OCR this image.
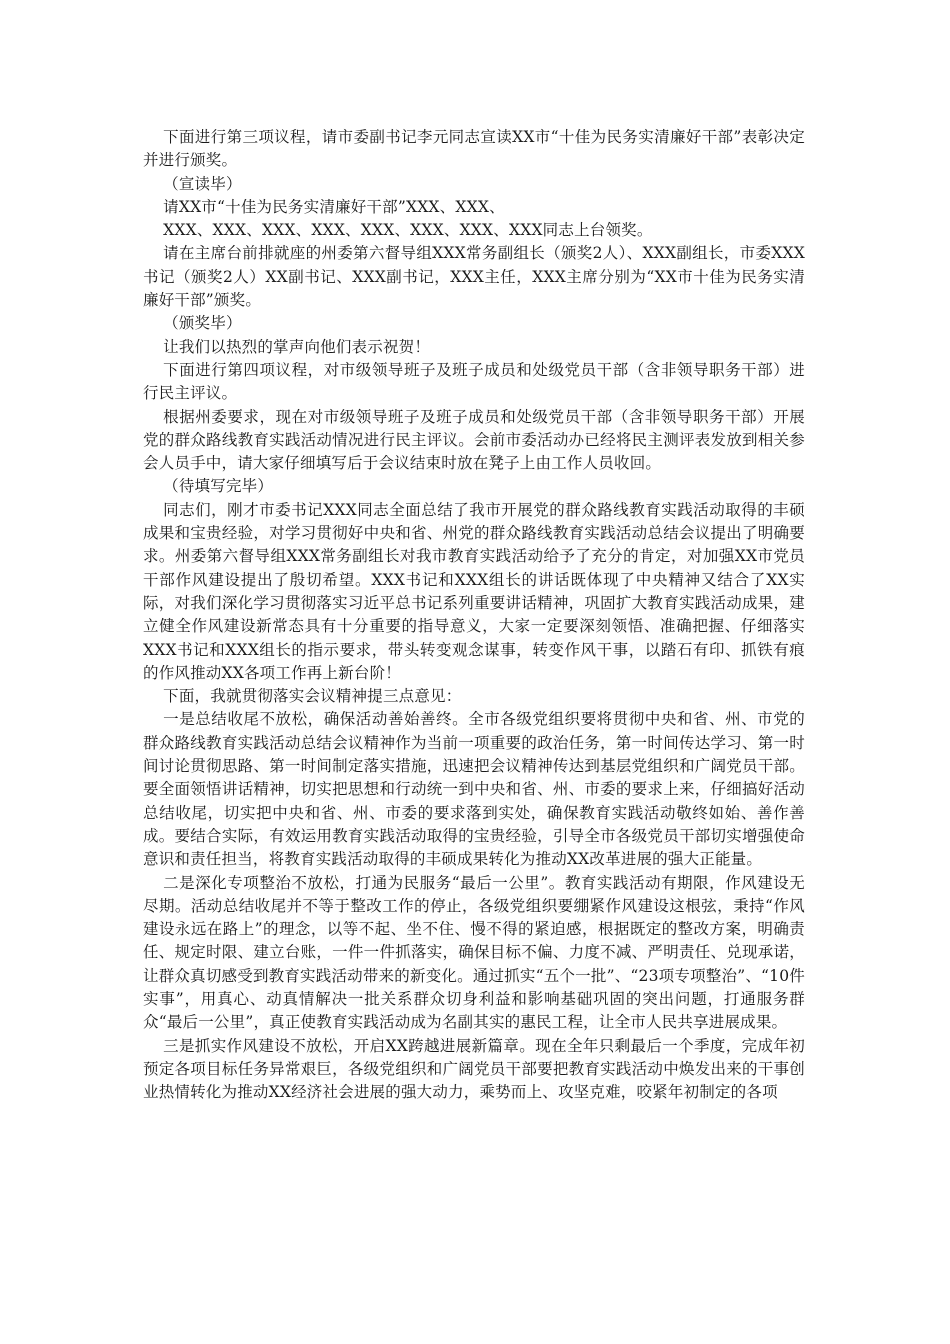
下面进行第三项议程，请市委副书记李元同志宣读XX市“十佳为民务实清廉好干部”表彰决定并进行颁奖。

（宣读毕）

请XX市“十佳为民务实清廉好干部”XXX、XXX、

XXX、XXX、XXX、XXX、XXX、XXX、XXX、XXX同志上台领奖。

请在主席台前排就座的州委第六督导组XXX常务副组长（颁奖2人）、XXX副组长，市委XXX书记（颁奖2人）XX副书记、XXX副书记，XXX主任，XXX主席分别为“XX市十佳为民务实清廉好干部”颁奖。

（颁奖毕）

让我们以热烈的掌声向他们表示祝贺！

下面进行第四项议程，对市级领导班子及班子成员和处级党员干部（含非领导职务干部）进行民主评议。

根据州委要求，现在对市级领导班子及班子成员和处级党员干部（含非领导职务干部）开展党的群众路线教育实践活动情况进行民主评议。会前市委活动办已经将民主测评表发放到相关参会人员手中，请大家仔细填写后于会议结束时放在凳子上由工作人员收回。

（待填写完毕）

同志们，刚才市委书记XXX同志全面总结了我市开展党的群众路线教育实践活动取得的丰硕成果和宝贵经验，对学习贯彻好中央和省、州党的群众路线教育实践活动总结会议提出了明确要求。州委第六督导组XXX常务副组长对我市教育实践活动给予了充分的肯定，对加强XX市党员干部作风建设提出了殷切希望。XXX书记和XXX组长的讲话既体现了中央精神又结合了XX实际，对我们深化学习贯彻落实习近平总书记系列重要讲话精神，巩固扩大教育实践活动成果，建立健全作风建设新常态具有十分重要的指导意义，大家一定要深刻领悟、准确把握、仔细落实XXX书记和XXX组长的指示要求，带头转变观念谋事，转变作风干事，以踏石有印、抓铁有痕的作风推动XX各项工作再上新台阶！

下面，我就贯彻落实会议精神提三点意见：

一是总结收尾不放松，确保活动善始善终。全市各级党组织要将贯彻中央和省、州、市党的群众路线教育实践活动总结会议精神作为当前一项重要的政治任务，第一时间传达学习、第一时间讨论贯彻思路、第一时间制定落实措施，迅速把会议精神传达到基层党组织和广阔党员干部。要全面领悟讲话精神，切实把思想和行动统一到中央和省、州、市委的要求上来，仔细搞好活动总结收尾，切实把中央和省、州、市委的要求落到实处，确保教育实践活动敬终如始、善作善成。要结合实际，有效运用教育实践活动取得的宝贵经验，引导全市各级党员干部切实增强使命意识和责任担当，将教育实践活动取得的丰硕成果转化为推动XX改革进展的强大正能量。

二是深化专项整治不放松，打通为民服务“最后一公里”。教育实践活动有期限，作风建设无尽期。活动总结收尾并不等于整改工作的停止，各级党组织要绷紧作风建设这根弦，秉持“作风建设永远在路上”的理念，以等不起、坐不住、慢不得的紧迫感，根据既定的整改方案，明确责任、规定时限、建立台账，一件一件抓落实，确保目标不偏、力度不减、严明责任、兑现承诺，让群众真切感受到教育实践活动带来的新变化。通过抓实“五个一批”、“23项专项整治”、“10件实事”，用真心、动真情解决一批关系群众切身利益和影响基础巩固的突出问题，打通服务群众“最后一公里”，真正使教育实践活动成为名副其实的惠民工程，让全市人民共享进展成果。

三是抓实作风建设不放松，开启XX跨越进展新篇章。现在全年只剩最后一个季度，完成年初预定各项目标任务异常艰巨，各级党组织和广阔党员干部要把教育实践活动中焕发出来的干事创业热情转化为推动XX经济社会进展的强大动力，乘势而上、攻坚克难，咬紧年初制定的各项
